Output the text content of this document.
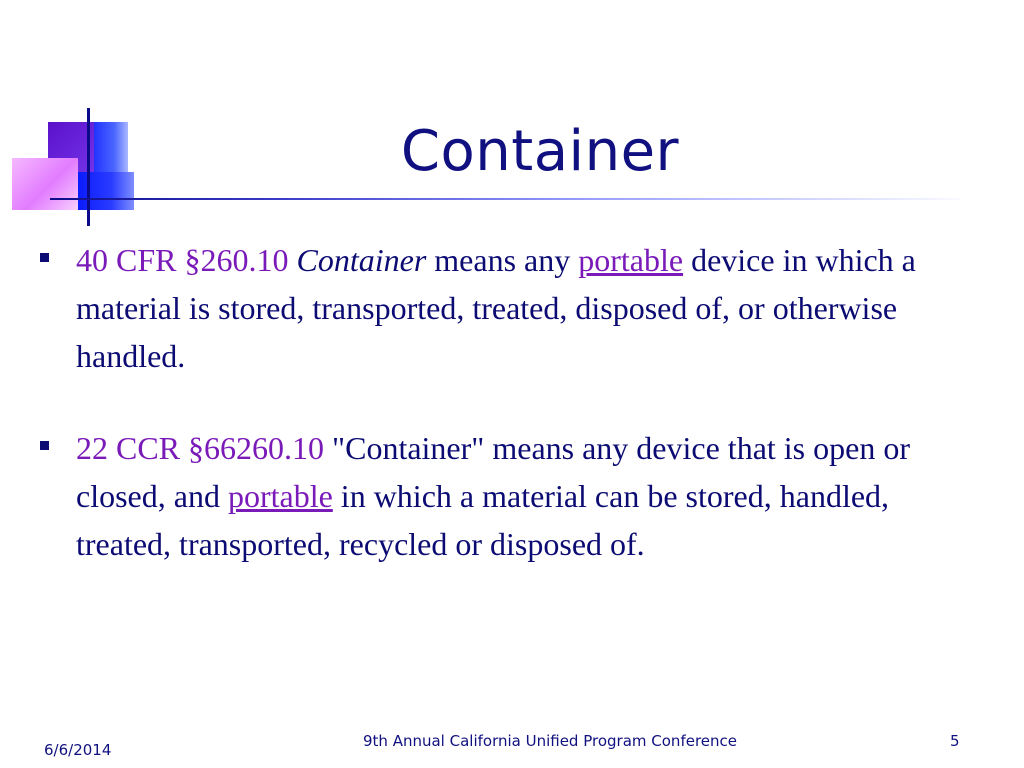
Container
40 CFR §260.10 Container means any portable device in which a material is stored, transported, treated, disposed of, or otherwise handled.
22 CCR §66260.10 "Container" means any device that is open or closed, and portable in which a material can be stored, handled, treated, transported, recycled or disposed of.
6/6/2014	9th Annual California Unified Program Conference	5
